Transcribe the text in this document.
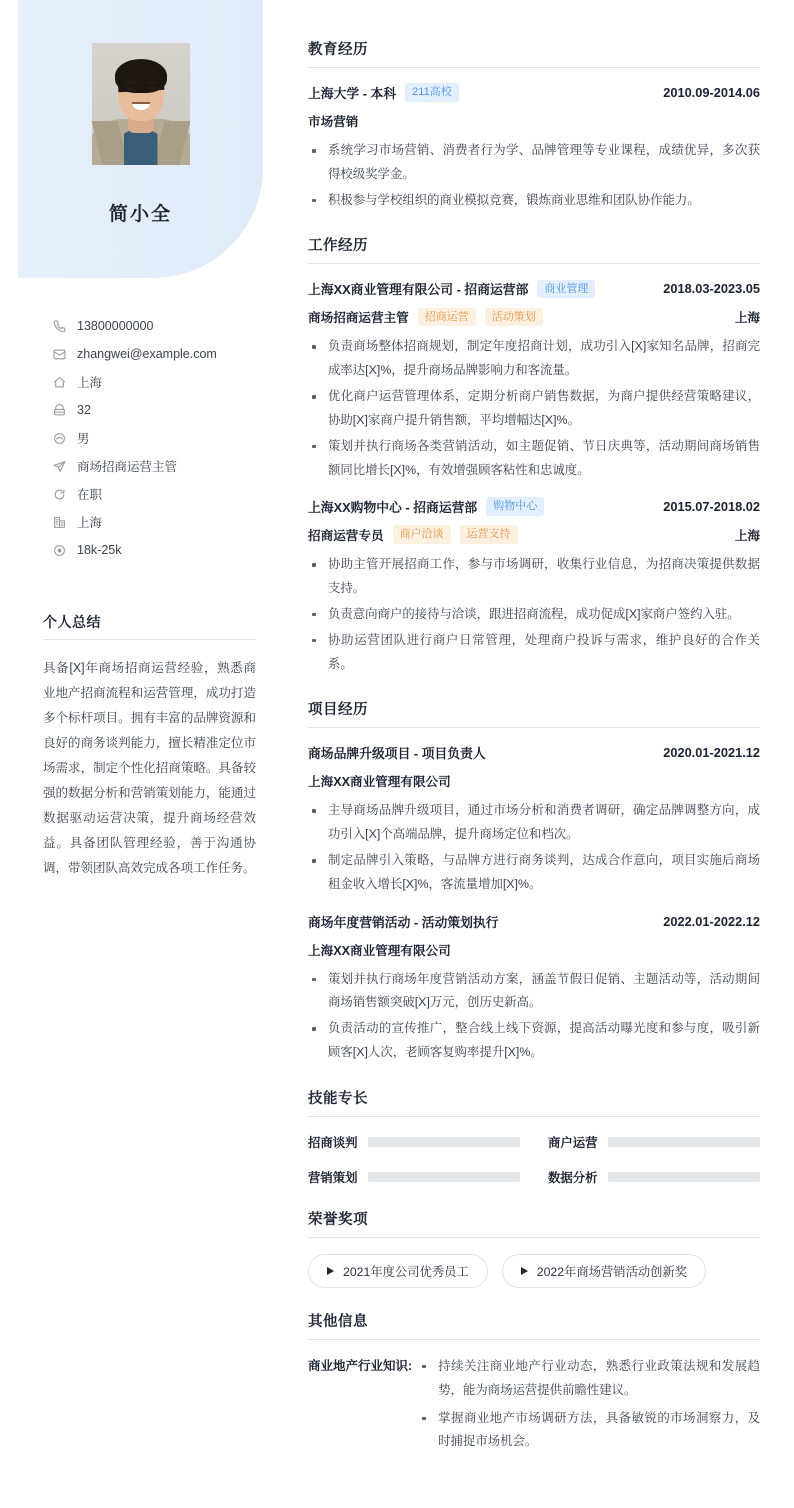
简小全
13800000000
zhangwei@example.com
上海
32
男
商场招商运营主管
在职
上海
18k-25k
个人总结
具备[X]年商场招商运营经验，熟悉商业地产招商流程和运营管理，成功打造多个标杆项目。拥有丰富的品牌资源和良好的商务谈判能力，擅长精准定位市场需求，制定个性化招商策略。具备较强的数据分析和营销策划能力，能通过数据驱动运营决策，提升商场经营效益。具备团队管理经验，善于沟通协调，带领团队高效完成各项工作任务。
教育经历
上海大学 - 本科	211高校	2010.09-2014.06
市场营销
系统学习市场营销、消费者行为学、品牌管理等专业课程，成绩优异，多次获得校级奖学金。
积极参与学校组织的商业模拟竞赛，锻炼商业思维和团队协作能力。
工作经历
上海XX商业管理有限公司 - 招商运营部	商业管理	2018.03-2023.05
商场招商运营主管	招商运营	活动策划	上海
负责商场整体招商规划，制定年度招商计划，成功引入[X]家知名品牌，招商完成率达[X]%，提升商场品牌影响力和客流量。
优化商户运营管理体系，定期分析商户销售数据，为商户提供经营策略建议，协助[X]家商户提升销售额，平均增幅达[X]%。
策划并执行商场各类营销活动，如主题促销、节日庆典等，活动期间商场销售额同比增长[X]%，有效增强顾客粘性和忠诚度。
上海XX购物中心 - 招商运营部	购物中心	2015.07-2018.02
招商运营专员	商户洽谈	运营支持	上海
协助主管开展招商工作，参与市场调研，收集行业信息，为招商决策提供数据支持。
负责意向商户的接待与洽谈，跟进招商流程，成功促成[X]家商户签约入驻。
协助运营团队进行商户日常管理，处理商户投诉与需求，维护良好的合作关系。
项目经历
商场品牌升级项目 - 项目负责人	2020.01-2021.12
上海XX商业管理有限公司
主导商场品牌升级项目，通过市场分析和消费者调研，确定品牌调整方向，成功引入[X]个高端品牌，提升商场定位和档次。
制定品牌引入策略，与品牌方进行商务谈判，达成合作意向，项目实施后商场租金收入增长[X]%，客流量增加[X]%。
商场年度营销活动 - 活动策划执行	2022.01-2022.12
上海XX商业管理有限公司
策划并执行商场年度营销活动方案，涵盖节假日促销、主题活动等，活动期间商场销售额突破[X]万元，创历史新高。
负责活动的宣传推广，整合线上线下资源，提高活动曝光度和参与度，吸引新顾客[X]人次，老顾客复购率提升[X]%。
技能专长
招商谈判	商户运营
营销策划	数据分析
荣誉奖项
2021年度公司优秀员工	2022年商场营销活动创新奖
其他信息
商业地产行业知识:	持续关注商业地产行业动态，熟悉行业政策法规和发展趋势，能为商场运营提供前瞻性建议。
掌握商业地产市场调研方法，具备敏锐的市场洞察力，及时捕捉市场机会。
